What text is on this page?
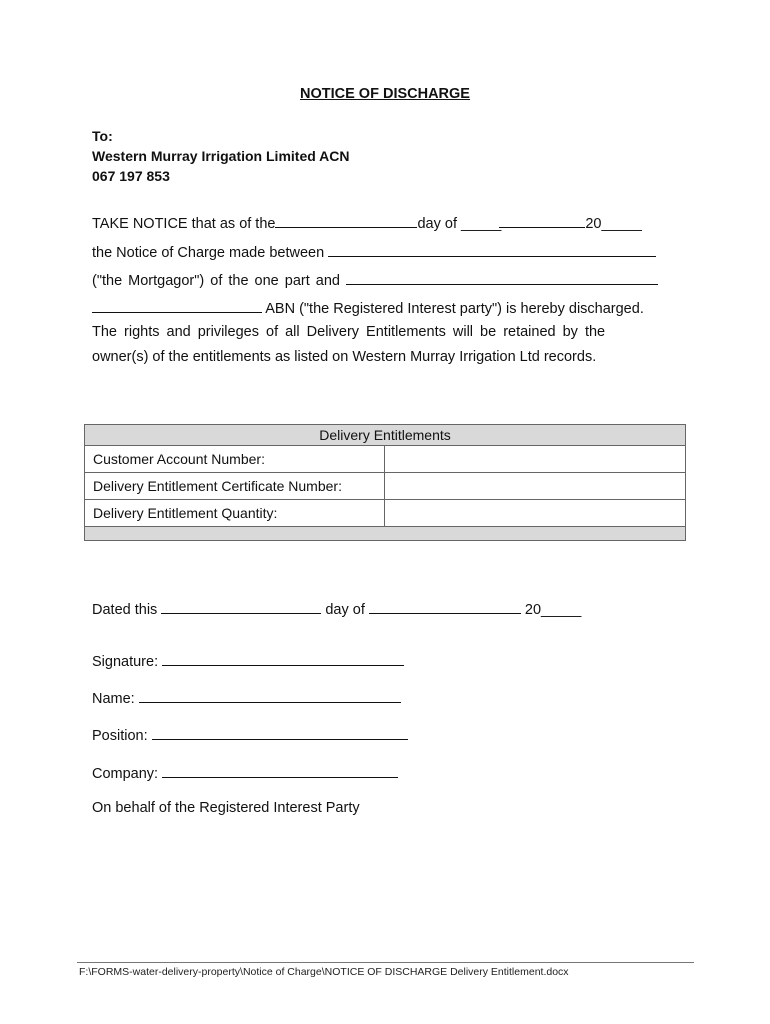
NOTICE OF DISCHARGE
To:
Western Murray Irrigation Limited ACN
067 197 853
TAKE NOTICE that as of the	day of _____	20_____
the Notice of Charge made between
("the Mortgagor") of the one part and
ABN ("the Registered Interest party") is hereby discharged.
The rights and privileges of all Delivery Entitlements will be retained by the
owner(s) of the entitlements as listed on Western Murray Irrigation Ltd records.
Delivery Entitlements	
Customer Account Number:	
Delivery Entitlement Certificate Number:	
Delivery Entitlement Quantity:	

Dated this	day of	20_____
Signature:
Name:
Position:
Company:
On behalf of the Registered Interest Party
F:\FORMS-water-delivery-property\Notice of Charge\NOTICE OF DISCHARGE Delivery Entitlement.docx
